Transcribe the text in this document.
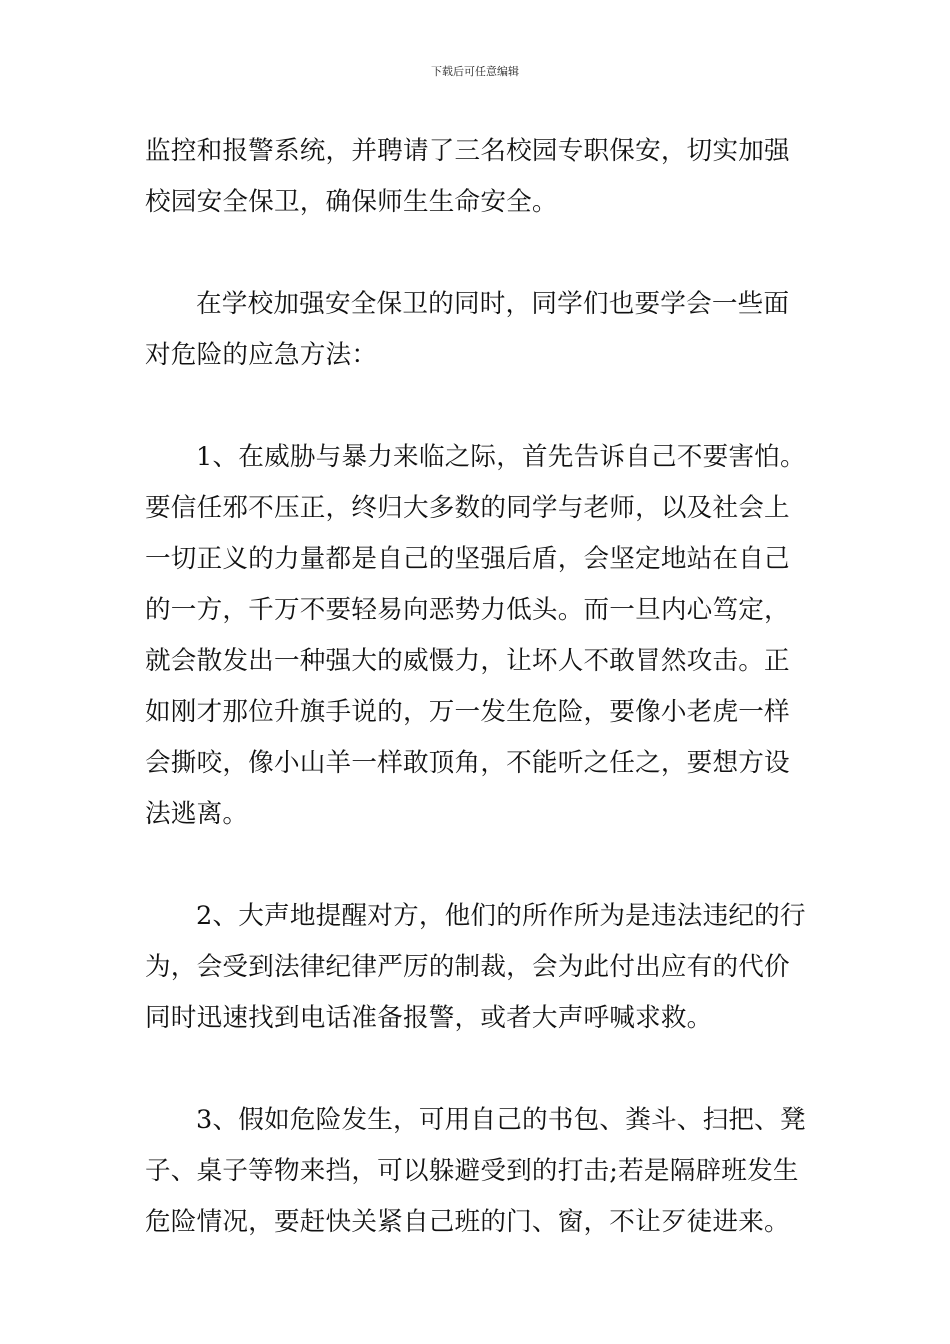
下载后可任意编辑
监控和报警系统，并聘请了三名校园专职保安，切实加强
校园安全保卫，确保师生生命安全。
在学校加强安全保卫的同时，同学们也要学会一些面
对危险的应急方法：
1、在威胁与暴力来临之际，首先告诉自己不要害怕。
要信任邪不压正，终归大多数的同学与老师，以及社会上
一切正义的力量都是自己的坚强后盾，会坚定地站在自己
的一方，千万不要轻易向恶势力低头。而一旦内心笃定，
就会散发出一种强大的威慑力，让坏人不敢冒然攻击。正
如刚才那位升旗手说的，万一发生危险，要像小老虎一样
会撕咬，像小山羊一样敢顶角，不能听之任之，要想方设
法逃离。
2、大声地提醒对方，他们的所作所为是违法违纪的行
为，会受到法律纪律严厉的制裁，会为此付出应有的代价
同时迅速找到电话准备报警，或者大声呼喊求救。
3、假如危险发生，可用自己的书包、粪斗、扫把、凳
子、桌子等物来挡，可以躲避受到的打击;若是隔辟班发生
危险情况，要赶快关紧自己班的门、窗，不让歹徒进来。
